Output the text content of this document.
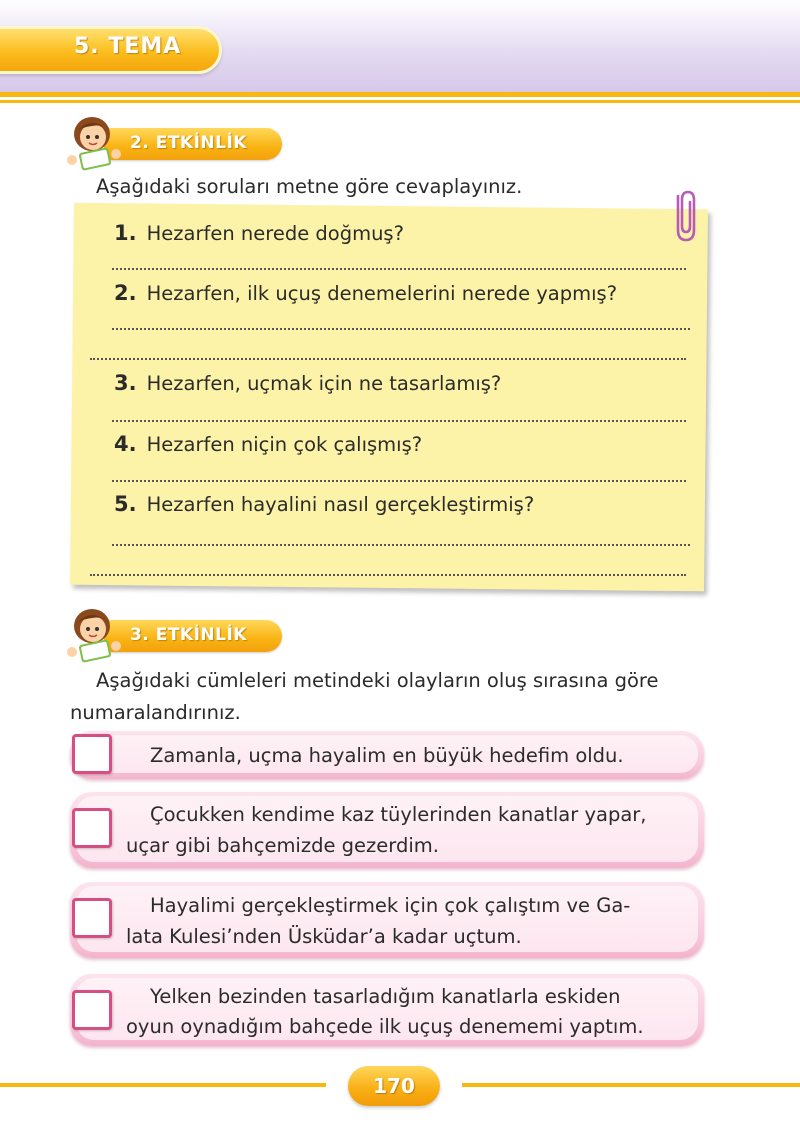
5. TEMA
2. ETKİNLİK
Aşağıdaki soruları metne göre cevaplayınız.
1. Hezarfen nerede doğmuş?
2. Hezarfen, ilk uçuş denemelerini nerede yapmış?
3. Hezarfen, uçmak için ne tasarlamış?
4. Hezarfen niçin çok çalışmış?
5. Hezarfen hayalini nasıl gerçekleştirmiş?
3. ETKİNLİK
Aşağıdaki cümleleri metindeki olayların oluş sırasına göre
numaralandırınız.
Zamanla, uçma hayalim en büyük hedefim oldu.
Çocukken kendime kaz tüylerinden kanatlar yapar,
uçar gibi bahçemizde gezerdim.
Hayalimi gerçekleştirmek için çok çalıştım ve Ga-
lata Kulesi’nden Üsküdar’a kadar uçtum.
Yelken bezinden tasarladığım kanatlarla eskiden
oyun oynadığım bahçede ilk uçuş denememi yaptım.
170
